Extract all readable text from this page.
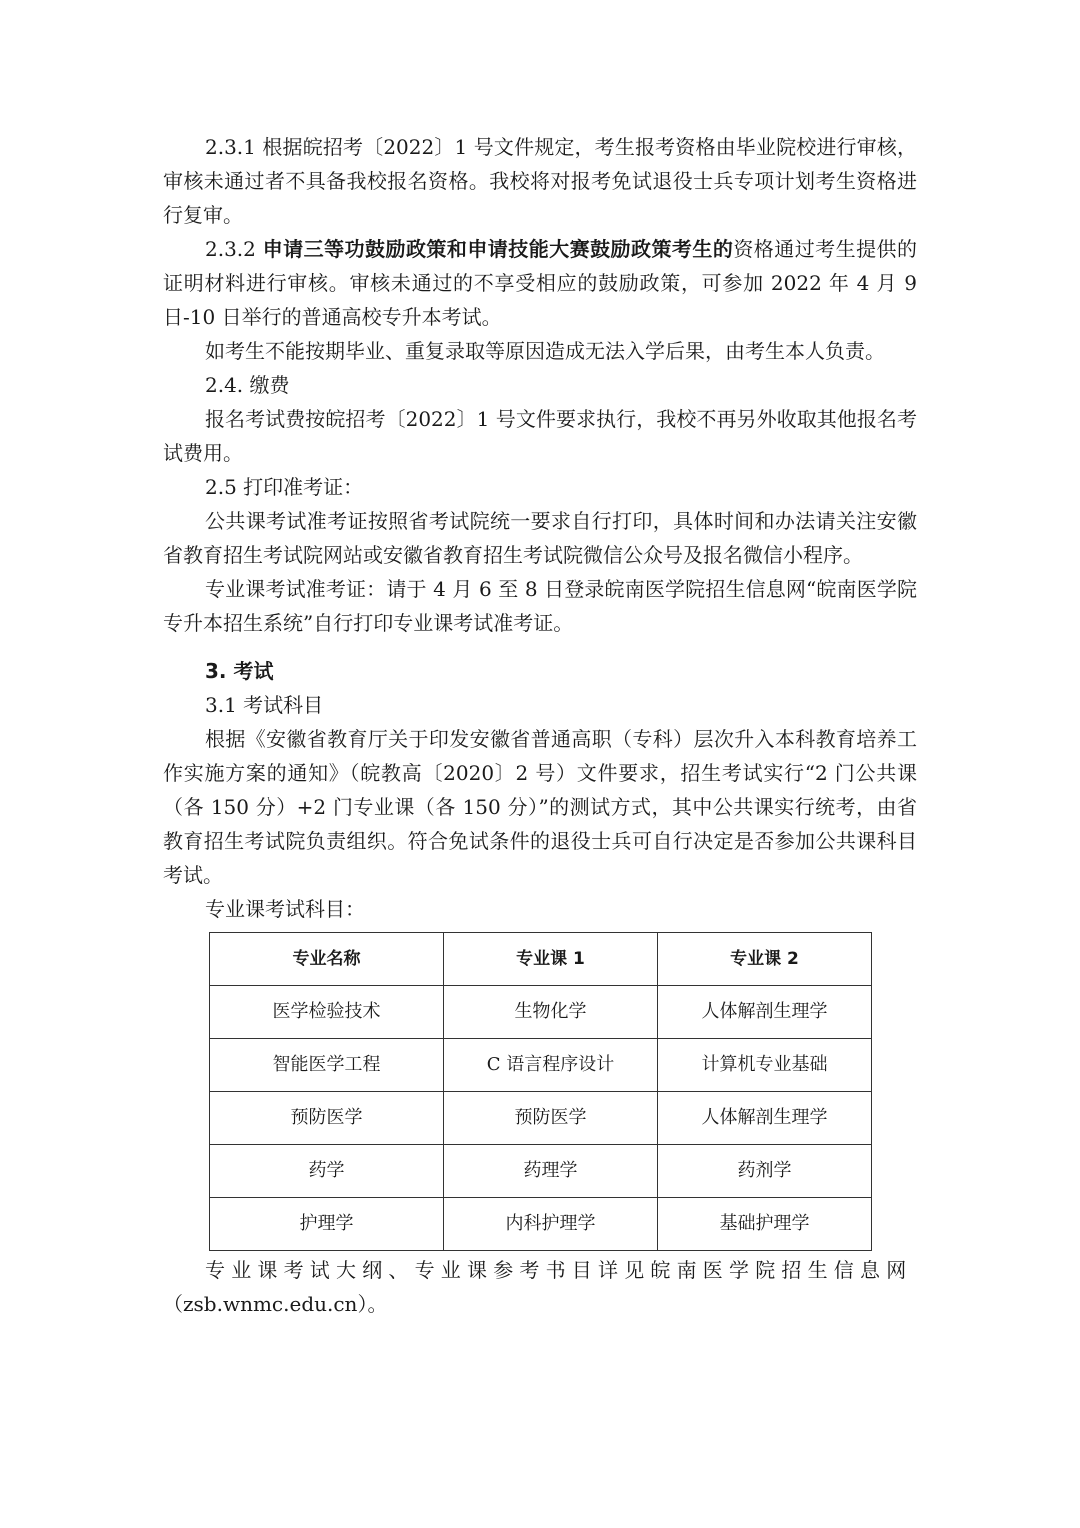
2.3.1 根据皖招考〔2022〕1 号文件规定，考生报考资格由毕业院校进行审核，审核未通过者不具备我校报名资格。我校将对报考免试退役士兵专项计划考生资格进行复审。

2.3.2 申请三等功鼓励政策和申请技能大赛鼓励政策考生的资格通过考生提供的证明材料进行审核。审核未通过的不享受相应的鼓励政策，可参加 2022 年 4 月 9 日-10 日举行的普通高校专升本考试。

如考生不能按期毕业、重复录取等原因造成无法入学后果，由考生本人负责。

2.4. 缴费

报名考试费按皖招考〔2022〕1 号文件要求执行，我校不再另外收取其他报名考试费用。

2.5 打印准考证：

公共课考试准考证按照省考试院统一要求自行打印，具体时间和办法请关注安徽省教育招生考试院网站或安徽省教育招生考试院微信公众号及报名微信小程序。

专业课考试准考证：请于 4 月 6 至 8 日登录皖南医学院招生信息网“皖南医学院专升本招生系统”自行打印专业课考试准考证。

3. 考试

3.1 考试科目

根据《安徽省教育厅关于印发安徽省普通高职（专科）层次升入本科教育培养工作实施方案的通知》（皖教高〔2020〕2 号）文件要求，招生考试实行“2 门公共课（各 150 分）+2 门专业课（各 150 分）”的测试方式，其中公共课实行统考，由省教育招生考试院负责组织。符合免试条件的退役士兵可自行决定是否参加公共课科目考试。

专业课考试科目：

专业名称	专业课 1	专业课 2
医学检验技术	生物化学	人体解剖生理学
智能医学工程	C 语言程序设计	计算机专业基础
预防医学	预防医学	人体解剖生理学
药学	药理学	药剂学
护理学	内科护理学	基础护理学

专业课考试大纲、专业课参考书目详见皖南医学院招生信息网

（zsb.wnmc.edu.cn）。
